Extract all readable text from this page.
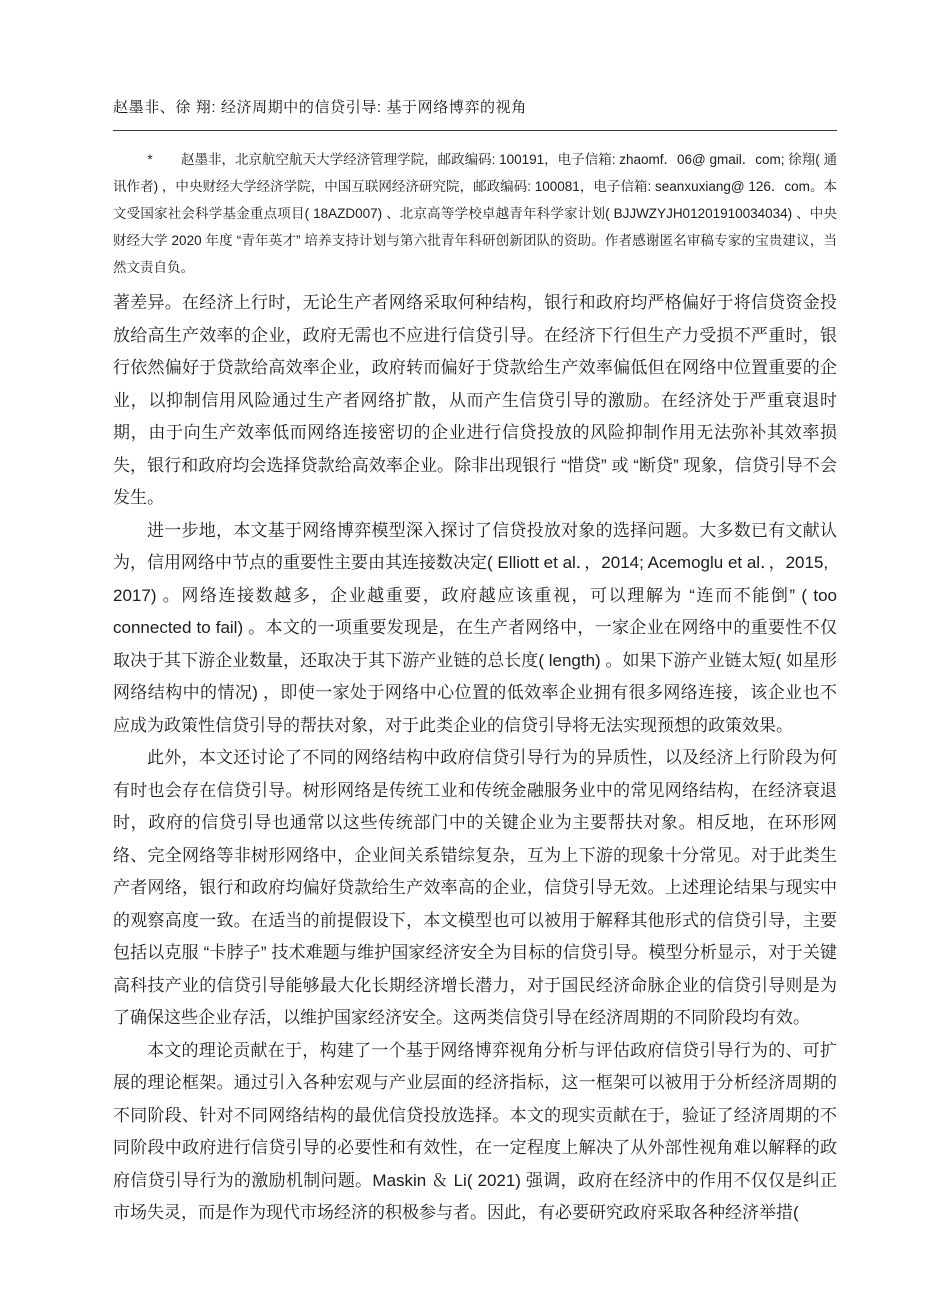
赵墨非、徐 翔: 经济周期中的信贷引导: 基于网络博弈的视角

* 赵墨非，北京航空航天大学经济管理学院，邮政编码: 100191，电子信箱: zhaomf．06@ gmail．com; 徐翔( 通讯作者) ，中央财经大学经济学院，中国互联网经济研究院，邮政编码: 100081，电子信箱: seanxuxiang@ 126．com。本文受国家社会科学基金重点项目( 18AZD007) 、北京高等学校卓越青年科学家计划( BJJWZYJH01201910034034) 、中央财经大学 2020 年度 “青年英才” 培养支持计划与第六批青年科研创新团队的资助。作者感谢匿名审稿专家的宝贵建议，当然文责自负。

著差异。在经济上行时，无论生产者网络采取何种结构，银行和政府均严格偏好于将信贷资金投放给高生产效率的企业，政府无需也不应进行信贷引导。在经济下行但生产力受损不严重时，银行依然偏好于贷款给高效率企业，政府转而偏好于贷款给生产效率偏低但在网络中位置重要的企业，以抑制信用风险通过生产者网络扩散，从而产生信贷引导的激励。在经济处于严重衰退时期，由于向生产效率低而网络连接密切的企业进行信贷投放的风险抑制作用无法弥补其效率损失，银行和政府均会选择贷款给高效率企业。除非出现银行 “惜贷” 或 “断贷” 现象，信贷引导不会发生。

进一步地，本文基于网络博弈模型深入探讨了信贷投放对象的选择问题。大多数已有文献认为，信用网络中节点的重要性主要由其连接数决定( Elliott et al．，2014; Acemoglu et al．，2015,
2017) 。网络连接数越多，企业越重要，政府越应该重视，可以理解为 “连而不能倒” ( too connected to fail) 。本文的一项重要发现是，在生产者网络中，一家企业在网络中的重要性不仅取决于其下游企业数量，还取决于其下游产业链的总长度( length) 。如果下游产业链太短( 如星形网络结构中的情况) ，即使一家处于网络中心位置的低效率企业拥有很多网络连接，该企业也不应成为政策性信贷引导的帮扶对象，对于此类企业的信贷引导将无法实现预想的政策效果。

此外，本文还讨论了不同的网络结构中政府信贷引导行为的异质性，以及经济上行阶段为何有时也会存在信贷引导。树形网络是传统工业和传统金融服务业中的常见网络结构，在经济衰退时，政府的信贷引导也通常以这些传统部门中的关键企业为主要帮扶对象。相反地，在环形网络、完全网络等非树形网络中，企业间关系错综复杂，互为上下游的现象十分常见。对于此类生产者网络，银行和政府均偏好贷款给生产效率高的企业，信贷引导无效。上述理论结果与现实中的观察高度一致。在适当的前提假设下，本文模型也可以被用于解释其他形式的信贷引导，主要包括以克服 “卡脖子” 技术难题与维护国家经济安全为目标的信贷引导。模型分析显示，对于关键高科技产业的信贷引导能够最大化长期经济增长潜力，对于国民经济命脉企业的信贷引导则是为了确保这些企业存活，以维护国家经济安全。这两类信贷引导在经济周期的不同阶段均有效。

本文的理论贡献在于，构建了一个基于网络博弈视角分析与评估政府信贷引导行为的、可扩展的理论框架。通过引入各种宏观与产业层面的经济指标，这一框架可以被用于分析经济周期的不同阶段、针对不同网络结构的最优信贷投放选择。本文的现实贡献在于，验证了经济周期的不同阶段中政府进行信贷引导的必要性和有效性，在一定程度上解决了从外部性视角难以解释的政府信贷引导行为的激励机制问题。Maskin ＆ Li( 2021) 强调，政府在经济中的作用不仅仅是纠正市场失灵，而是作为现代市场经济的积极参与者。因此，有必要研究政府采取各种经济举措(
